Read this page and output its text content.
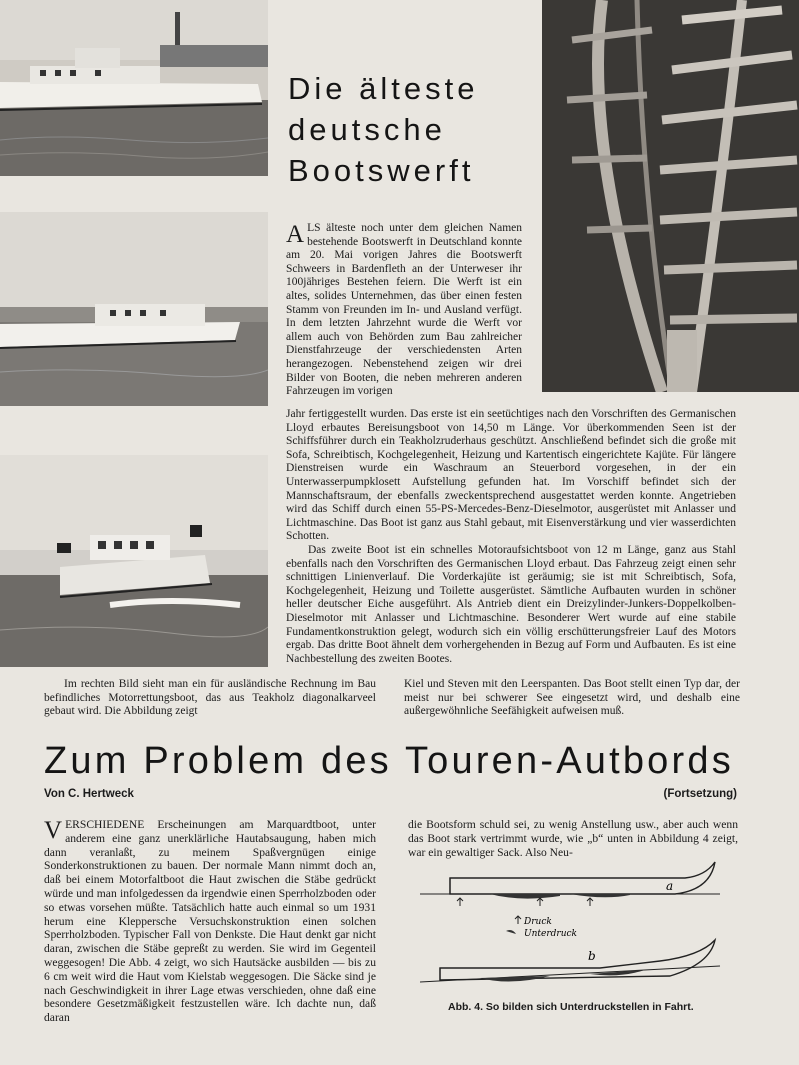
Die älteste
deutsche
Bootswerft
ALS älteste noch unter dem gleichen Namen bestehende Bootswerft in Deutschland konnte am 20. Mai vorigen Jahres die Bootswerft Schweers in Bardenfleth an der Unterweser ihr 100jähriges Bestehen feiern. Die Werft ist ein altes, solides Unternehmen, das über einen festen Stamm von Freunden im In- und Ausland verfügt. In dem letzten Jahrzehnt wurde die Werft vor allem auch von Behörden zum Bau zahlreicher Dienstfahrzeuge der verschiedensten Arten herangezogen. Nebenstehend zeigen wir drei Bilder von Booten, die neben mehreren anderen Fahrzeugen im vorigen

Jahr fertiggestellt wurden. Das erste ist ein seetüchtiges nach den Vorschriften des Germanischen Lloyd erbautes Bereisungsboot von 14,50 m Länge. Vor überkommenden Seen ist der Schiffsführer durch ein Teakholzruderhaus geschützt. Anschließend befindet sich die große mit Sofa, Schreibtisch, Kochgelegenheit, Heizung und Kartentisch eingerichtete Kajüte. Für längere Dienstreisen wurde ein Waschraum an Steuerbord vorgesehen, in der ein Unterwasserpumpklosett Aufstellung gefunden hat. Im Vorschiff befindet sich der Mannschaftsraum, der ebenfalls zweckentsprechend ausgestattet werden konnte. Angetrieben wird das Schiff durch einen 55-PS-Mercedes-Benz-Dieselmotor, ausgerüstet mit Anlasser und Lichtmaschine. Das Boot ist ganz aus Stahl gebaut, mit Eisenverstärkung und vier wasserdichten Schotten.

Das zweite Boot ist ein schnelles Motoraufsichtsboot von 12 m Länge, ganz aus Stahl ebenfalls nach den Vorschriften des Germanischen Lloyd erbaut. Das Fahrzeug zeigt einen sehr schnittigen Linienverlauf. Die Vorderkajüte ist geräumig; sie ist mit Schreibtisch, Sofa, Kochgelegenheit, Heizung und Toilette ausgerüstet. Sämtliche Aufbauten wurden in schöner heller deutscher Eiche ausgeführt. Als Antrieb dient ein Dreizylinder-Junkers-Doppelkolben-Dieselmotor mit Anlasser und Lichtmaschine. Besonderer Wert wurde auf eine stabile Fundamentkonstruktion gelegt, wodurch sich ein völlig erschütterungsfreier Lauf des Motors ergab. Das dritte Boot ähnelt dem vorhergehenden in Bezug auf Form und Aufbauten. Es ist eine Nachbestellung des zweiten Bootes.

Im rechten Bild sieht man ein für ausländische Rechnung im Bau befindliches Motorrettungsboot, das aus Teakholz diagonalkarveel gebaut wird. Die Abbildung zeigt
Kiel und Steven mit den Leerspanten. Das Boot stellt einen Typ dar, der meist nur bei schwerer See eingesetzt wird, und deshalb eine außergewöhnliche Seefähigkeit aufweisen muß.
Zum Problem des Touren-Autbords
Von C. Hertweck	(Fortsetzung)
VERSCHIEDENE Erscheinungen am Marquardtboot, unter anderem eine ganz unerklärliche Hautabsaugung, haben mich dann veranlaßt, zu meinem Spaßvergnügen einige Sonderkonstruktionen zu bauen. Der normale Mann nimmt doch an, daß bei einem Motorfaltboot die Haut zwischen die Stäbe gedrückt würde und man infolgedessen da irgendwie einen Sperrholzboden oder so etwas vorsehen müßte. Tatsächlich hatte auch einmal so um 1931 herum eine Kleppersche Versuchskonstruktion einen solchen Sperrholzboden. Typischer Fall von Denkste. Die Haut denkt gar nicht daran, zwischen die Stäbe gepreßt zu werden. Sie wird im Gegenteil weggesogen! Die Abb. 4 zeigt, wo sich Hautsäcke ausbilden — bis zu 6 cm weit wird die Haut vom Kielstab weggesogen. Die Säcke sind je nach Geschwindigkeit in ihrer Lage etwas verschieden, ohne daß eine besondere Gesetzmäßigkeit festzustellen wäre. Ich dachte nun, daß daran
die Bootsform schuld sei, zu wenig Anstellung usw., aber auch wenn das Boot stark vertrimmt wurde, wie „b“ unten in Abbildung 4 zeigt, war ein gewaltiger Sack. Also Neu-
a
Druck
Unterdruck
b
Abb. 4. So bilden sich Unterdruckstellen in Fahrt.
